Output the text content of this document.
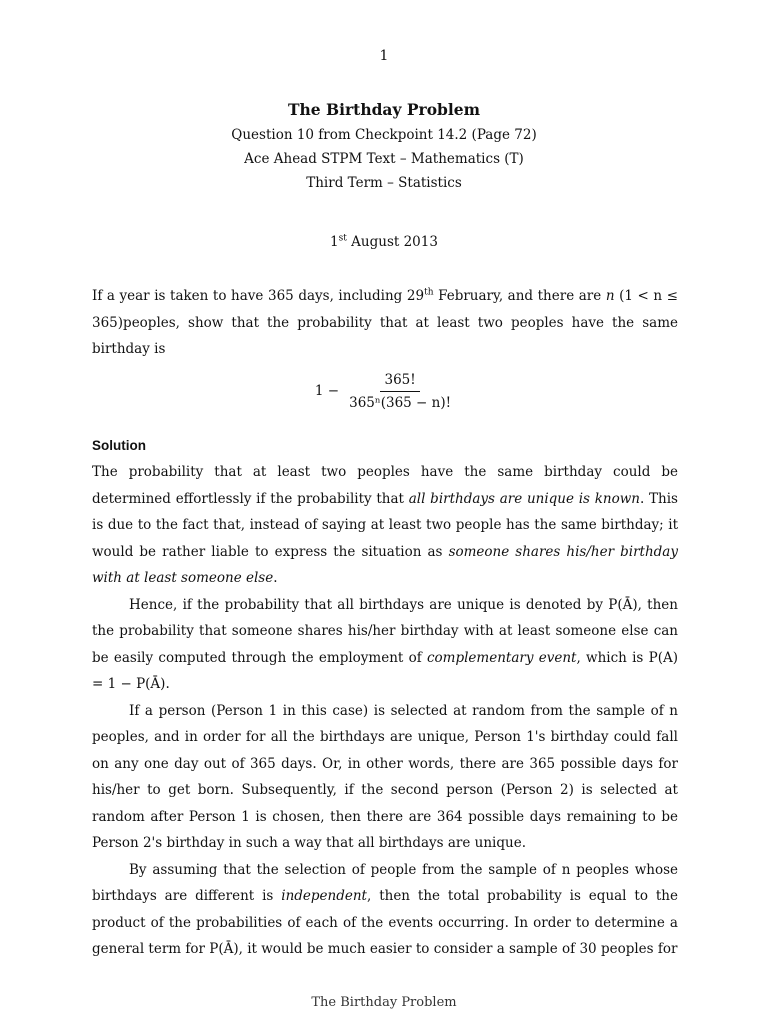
1
The Birthday Problem
Question 10 from Checkpoint 14.2 (Page 72)
Ace Ahead STPM Text – Mathematics (T)
Third Term – Statistics
1st August 2013

If a year is taken to have 365 days, including 29th February, and there are n (1 < n ≤ 365)peoples, show that the probability that at least two peoples have the same birthday is

$1 - \frac{365!}{\text{365ⁿ(365 − n)!}}$

Solution

The probability that at least two peoples have the same birthday could be determined effortlessly if the probability that all birthdays are unique is known. This is due to the fact that, instead of saying at least two people has the same birthday; it would be rather liable to express the situation as someone shares his/her birthday with at least someone else.

Hence, if the probability that all birthdays are unique is denoted by P(Ā), then the probability that someone shares his/her birthday with at least someone else can be easily computed through the employment of complementary event, which is P(A) = 1 − P(Ā).

If a person (Person 1 in this case) is selected at random from the sample of n peoples, and in order for all the birthdays are unique, Person 1's birthday could fall on any one day out of 365 days. Or, in other words, there are 365 possible days for his/her to get born. Subsequently, if the second person (Person 2) is selected at random after Person 1 is chosen, then there are 364 possible days remaining to be Person 2's birthday in such a way that all birthdays are unique.

By assuming that the selection of people from the sample of n peoples whose birthdays are different is independent, then the total probability is equal to the product of the probabilities of each of the events occurring. In order to determine a general term for P(Ā), it would be much easier to consider a sample of 30 peoples for

The Birthday Problem
